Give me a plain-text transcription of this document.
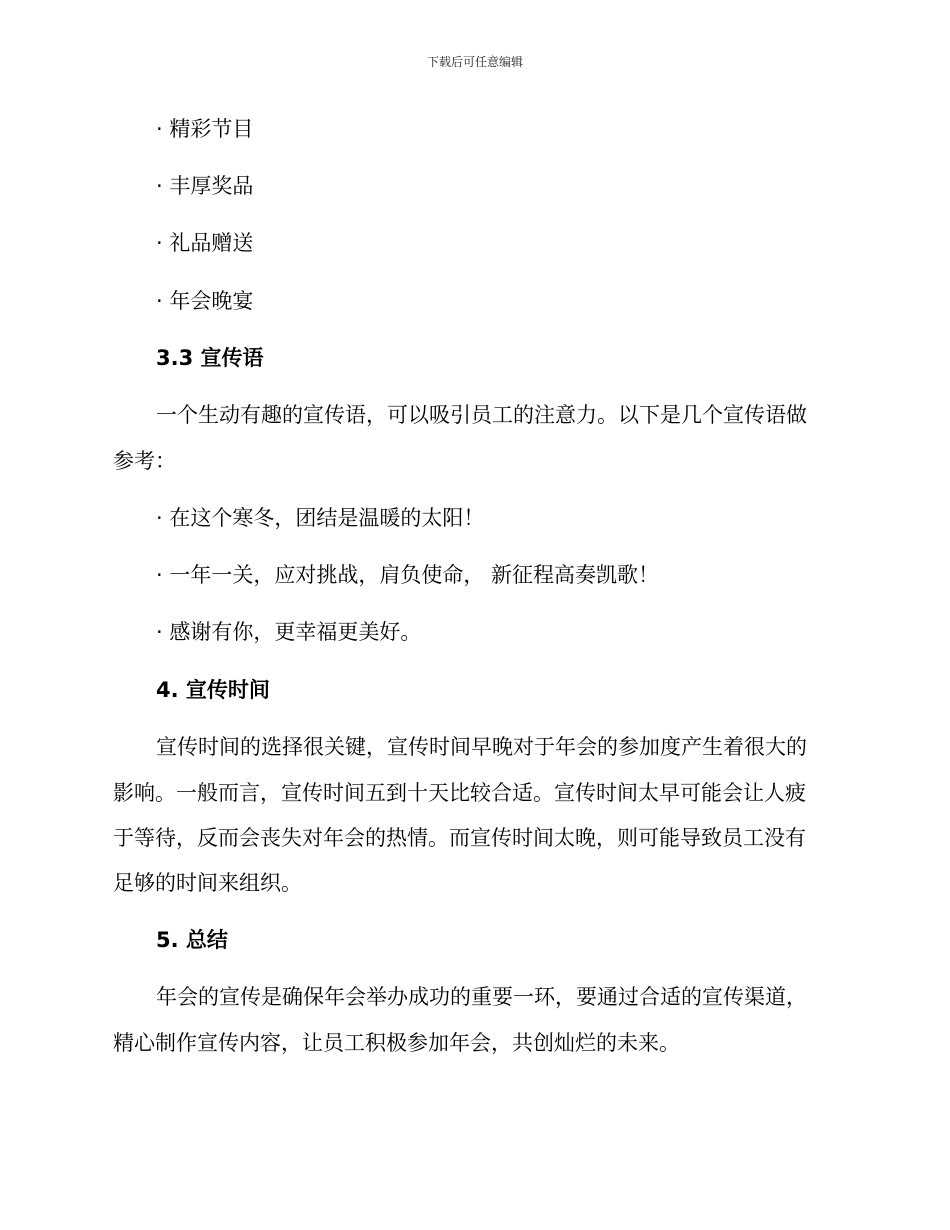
下载后可任意编辑
· 精彩节目
· 丰厚奖品
· 礼品赠送
· 年会晚宴
3.3 宣传语
一个生动有趣的宣传语，可以吸引员工的注意力。以下是几个宣传语做
参考：
· 在这个寒冬，团结是温暖的太阳！
· 一年一关，应对挑战，肩负使命， 新征程高奏凯歌！
· 感谢有你，更幸福更美好。
4. 宣传时间
宣传时间的选择很关键，宣传时间早晚对于年会的参加度产生着很大的
影响。一般而言，宣传时间五到十天比较合适。宣传时间太早可能会让人疲
于等待，反而会丧失对年会的热情。而宣传时间太晚，则可能导致员工没有
足够的时间来组织。
5. 总结
年会的宣传是确保年会举办成功的重要一环，要通过合适的宣传渠道，
精心制作宣传内容，让员工积极参加年会，共创灿烂的未来。
